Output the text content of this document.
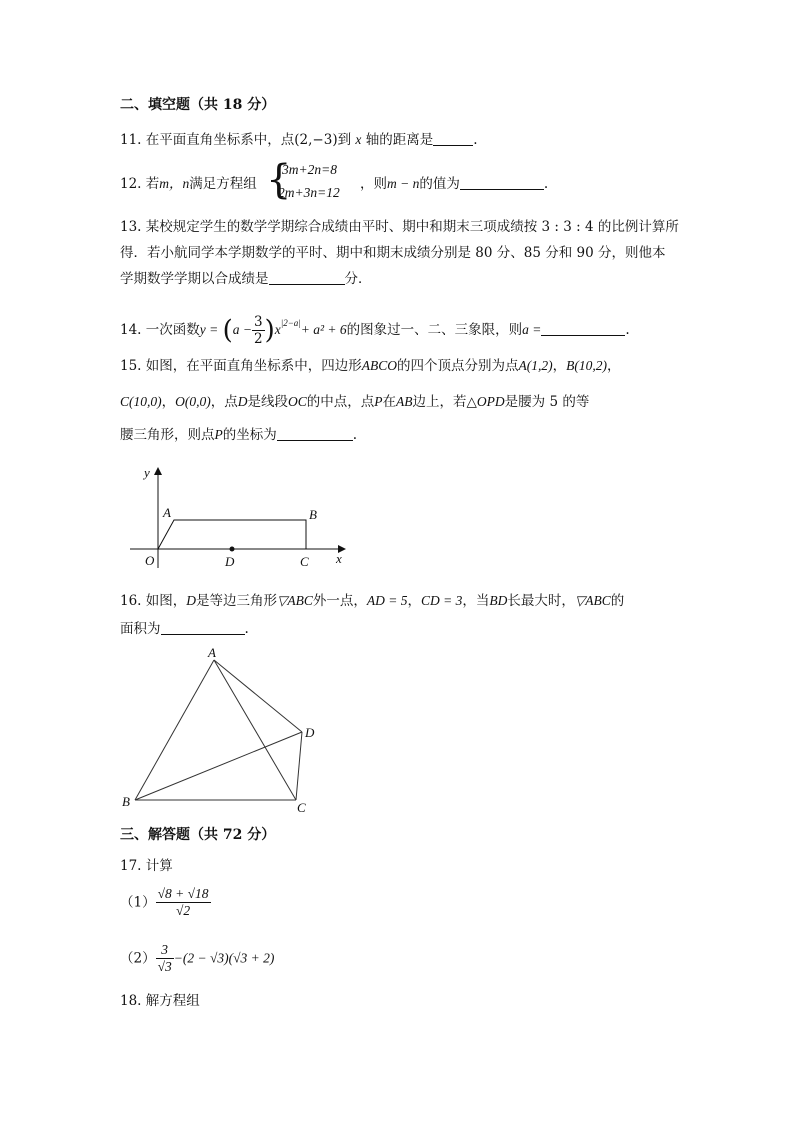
二、填空题（共 18 分）
11. 在平面直角坐标系中，点(2,−3)到 x 轴的距离是	.
12. 若m，n满足方程组 {
3m+2n=8
2m+3n=12
，则m − n的值为	.
13. 某校规定学生的数学学期综合成绩由平时、期中和期末三项成绩按 3 : 3 : 4 的比例计算所
得．若小航同学本学期数学的平时、期中和期末成绩分别是 80 分、85 分和 90 分，则他本
学期数学学期以合成绩是	分．
14. 一次函数$y = (a - \frac{3}{2} )x^{|2-a|}+ a^2 + 6$的图象过一、二、三象限，则a =	.
15. 如图，在平面直角坐标系中，四边形ABCO的四个顶点分别为点A(1,2)，B(10,2)，
C(10,0)，O(0,0)，点D是线段OC的中点，点P在AB边上，若△OPD是腰为 5 的等
腰三角形，则点P的坐标为	.
y
x
A	B
O	C
D
16. 如图，D是等边三角形▽ABC外一点，AD = 5，CD = 3，当BD长最大时，▽ABC的
面积为	.
A
B	C
D
三、解答题（共 72 分）
17. 计算
$(1) \frac{√8 + √18}{√2}$
$(2) \frac{3}{√3} -(2 - √3)(√3 + 2)$
18. 解方程组
